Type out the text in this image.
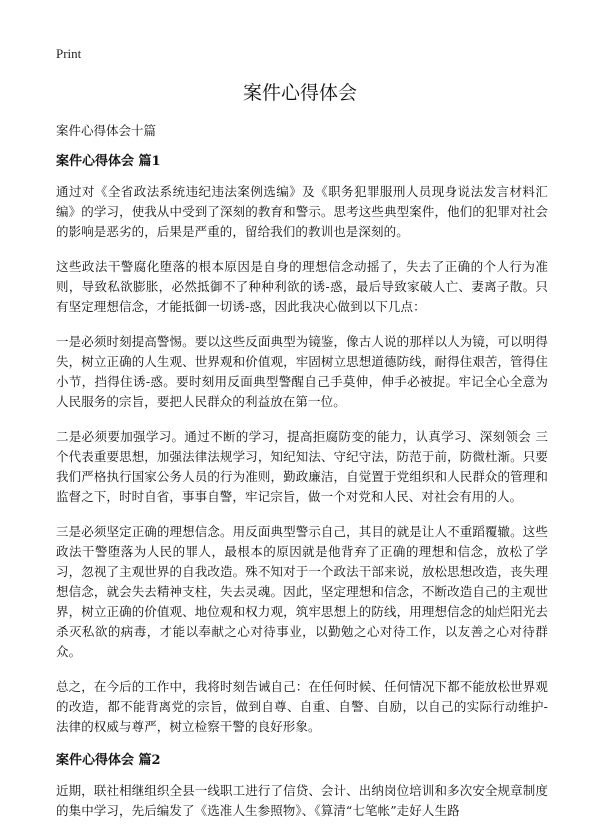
Print
案件心得体会

案件心得体会十篇

案件心得体会 篇1

通过对《全省政法系统违纪违法案例选编》及《职务犯罪服刑人员现身说法发言材料汇编》的学习，使我从中受到了深刻的教育和警示。思考这些典型案件，他们的犯罪对社会的影响是恶劣的，后果是严重的，留给我们的教训也是深刻的。

这些政法干警腐化堕落的根本原因是自身的理想信念动摇了，失去了正确的个人行为准则，导致私欲膨胀，必然抵御不了种种利欲的诱-惑，最后导致家破人亡、妻离子散。只有坚定理想信念，才能抵御一切诱-惑，因此我决心做到以下几点：

一是必须时刻提高警惕。要以这些反面典型为镜鉴，像古人说的那样以人为镜，可以明得失，树立正确的人生观、世界观和价值观，牢固树立思想道德防线，耐得住艰苦，管得住小节，挡得住诱-惑。要时刻用反面典型警醒自己手莫伸，伸手必被捉。牢记全心全意为人民服务的宗旨，要把人民群众的利益放在第一位。

二是必须要加强学习。通过不断的学习，提高拒腐防变的能力，认真学习、深刻领会 三个代表重要思想，加强法律法规学习，知纪知法、守纪守法，防范于前，防微杜渐。只要我们严格执行国家公务人员的行为准则，勤政廉洁，自觉置于党组织和人民群众的管理和监督之下，时时自省，事事自警，牢记宗旨，做一个对党和人民、对社会有用的人。

三是必须坚定正确的理想信念。用反面典型警示自己，其目的就是让人不重蹈覆辙。这些政法干警堕落为人民的罪人，最根本的原因就是他背弃了正确的理想和信念，放松了学习，忽视了主观世界的自我改造。殊不知对于一个政法干部来说，放松思想改造，丧失理想信念，就会失去精神支柱，失去灵魂。因此，坚定理想和信念，不断改造自己的主观世界，树立正确的价值观、地位观和权力观，筑牢思想上的防线，用理想信念的灿烂阳光去杀灭私欲的病毒，才能以奉献之心对待事业，以勤勉之心对待工作，以友善之心对待群众。

总之，在今后的工作中，我将时刻告诫自己：在任何时候、任何情况下都不能放松世界观的改造，都不能背离党的宗旨，做到自尊、自重、自警、自励，以自己的实际行动维护-法律的权威与尊严，树立检察干警的良好形象。

案件心得体会 篇2

近期，联社相继组织全县一线职工进行了信贷、会计、出纳岗位培训和多次安全规章制度的集中学习，先后编发了《选准人生参照物》、《算清“七笔帐”走好人生路
